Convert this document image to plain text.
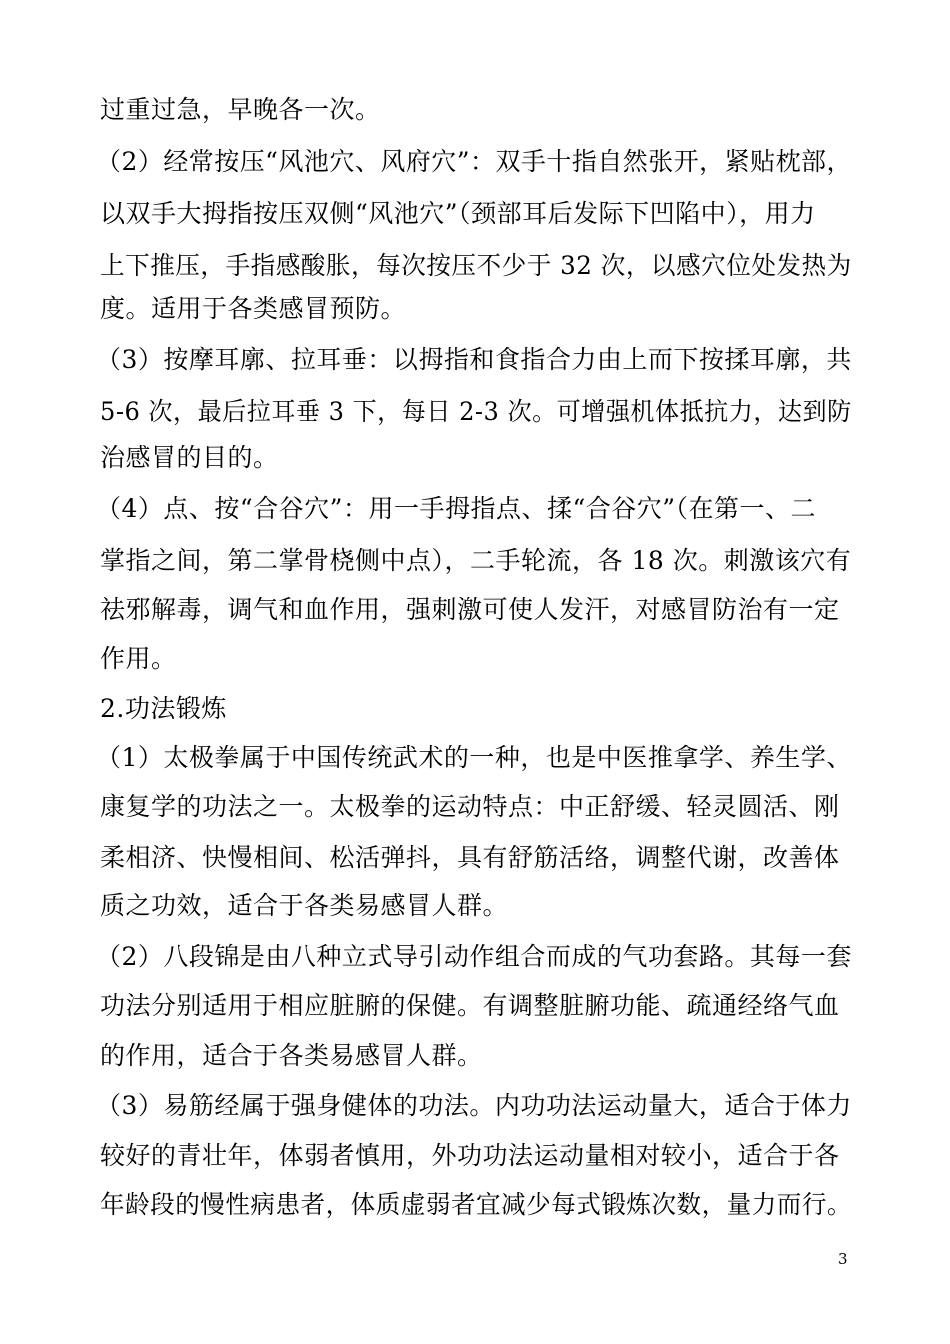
过重过急，早晚各一次。
（2）经常按压“风池穴、风府穴”：双手十指自然张开，紧贴枕部，
以双手大拇指按压双侧“风池穴”（颈部耳后发际下凹陷中），用力
上下推压，手指感酸胀，每次按压不少于 32 次，以感穴位处发热为
度。适用于各类感冒预防。
（3）按摩耳廓、拉耳垂：以拇指和食指合力由上而下按揉耳廓，共
5-6 次，最后拉耳垂 3 下，每日 2-3 次。可增强机体抵抗力，达到防
治感冒的目的。
（4）点、按“合谷穴”：用一手拇指点、揉“合谷穴”（在第一、二
掌指之间，第二掌骨桡侧中点），二手轮流，各 18 次。刺激该穴有
祛邪解毒，调气和血作用，强刺激可使人发汗，对感冒防治有一定
作用。
2.功法锻炼
（1）太极拳属于中国传统武术的一种，也是中医推拿学、养生学、
康复学的功法之一。太极拳的运动特点：中正舒缓、轻灵圆活、刚
柔相济、快慢相间、松活弹抖，具有舒筋活络，调整代谢，改善体
质之功效，适合于各类易感冒人群。
（2）八段锦是由八种立式导引动作组合而成的气功套路。其每一套
功法分别适用于相应脏腑的保健。有调整脏腑功能、疏通经络气血
的作用，适合于各类易感冒人群。
（3）易筋经属于强身健体的功法。内功功法运动量大，适合于体力
较好的青壮年，体弱者慎用，外功功法运动量相对较小，适合于各
年龄段的慢性病患者，体质虚弱者宜减少每式锻炼次数，量力而行。
3
